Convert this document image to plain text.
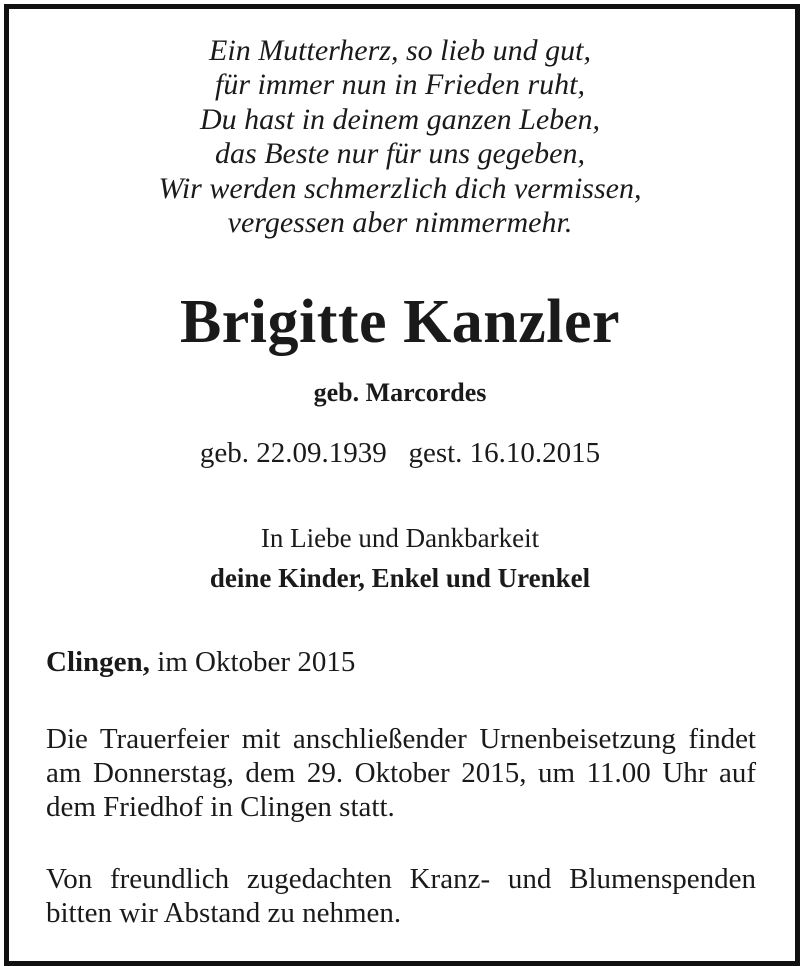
Ein Mutterherz, so lieb und gut,
für immer nun in Frieden ruht,
Du hast in deinem ganzen Leben,
das Beste nur für uns gegeben,
Wir werden schmerzlich dich vermissen,
vergessen aber nimmermehr.
Brigitte Kanzler
geb. Marcordes
geb. 22.09.1939 gest. 16.10.2015
In Liebe und Dankbarkeit
deine Kinder, Enkel und Urenkel
Clingen, im Oktober 2015
Die Trauerfeier mit anschließender Urnenbeisetzung findet am Donnerstag, dem 29. Oktober 2015, um 11.00 Uhr auf dem Friedhof in Clingen statt.
Von freundlich zugedachten Kranz- und Blumenspenden bitten wir Abstand zu nehmen.
